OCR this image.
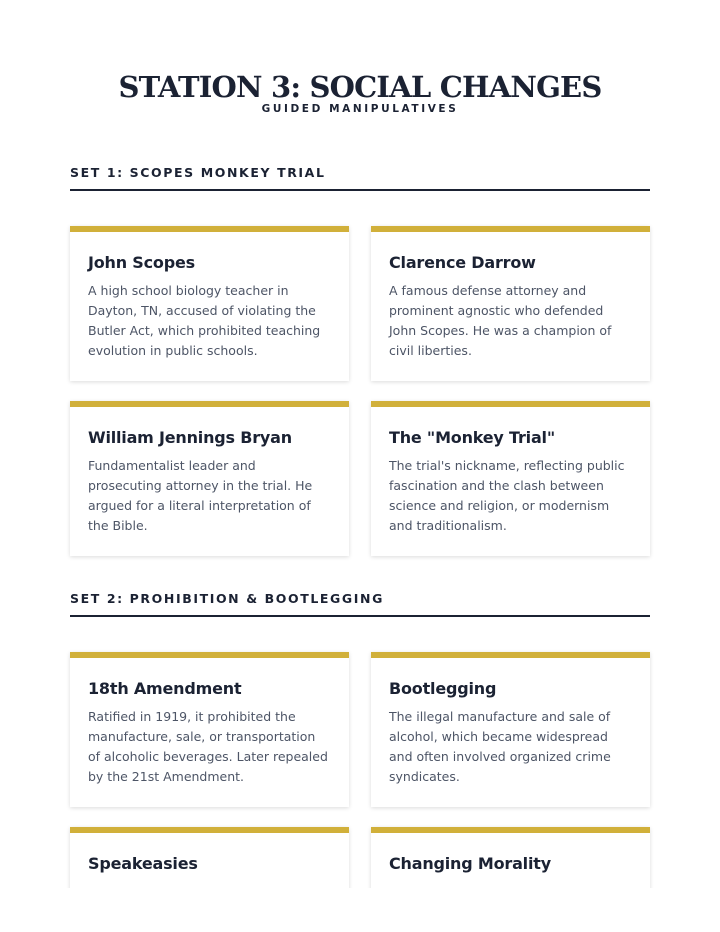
STATION 3: SOCIAL CHANGES
GUIDED MANIPULATIVES
SET 1: SCOPES MONKEY TRIAL
John Scopes

A high school biology teacher in Dayton, TN, accused of violating the Butler Act, which prohibited teaching evolution in public schools.

Clarence Darrow

A famous defense attorney and prominent agnostic who defended John Scopes. He was a champion of civil liberties.

William Jennings Bryan

Fundamentalist leader and prosecuting attorney in the trial. He argued for a literal interpretation of the Bible.

The "Monkey Trial"

The trial's nickname, reflecting public fascination and the clash between science and religion, or modernism and traditionalism.

SET 2: PROHIBITION & BOOTLEGGING
18th Amendment

Ratified in 1919, it prohibited the manufacture, sale, or transportation of alcoholic beverages. Later repealed by the 21st Amendment.

Bootlegging

The illegal manufacture and sale of alcohol, which became widespread and often involved organized crime syndicates.

Speakeasies	Changing Morality
